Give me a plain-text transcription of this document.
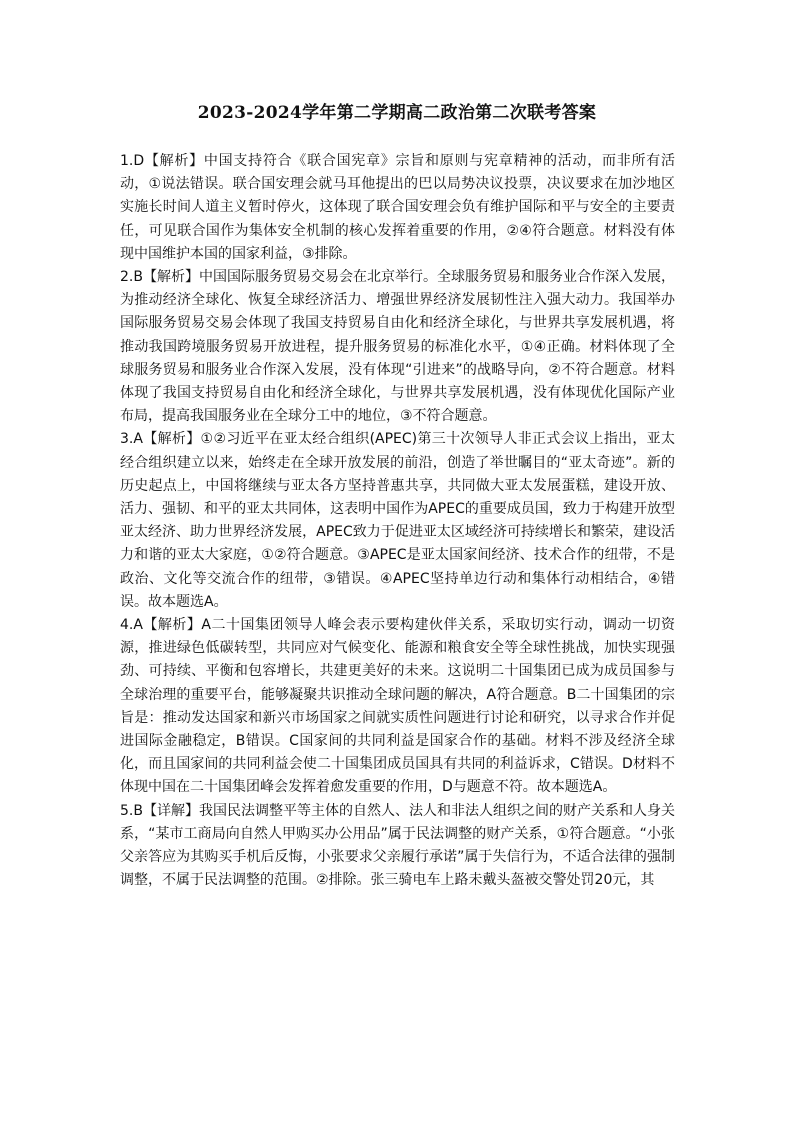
2023-2024学年第二学期高二政治第二次联考答案

1.D【解析】中国支持符合《联合国宪章》宗旨和原则与宪章精神的活动，而非所有活动，①说法错误。联合国安理会就马耳他提出的巴以局势决议投票，决议要求在加沙地区实施长时间人道主义暂时停火，这体现了联合国安理会负有维护国际和平与安全的主要责任，可见联合国作为集体安全机制的核心发挥着重要的作用，②④符合题意。材料没有体现中国维护本国的国家利益，③排除。

2.B【解析】中国国际服务贸易交易会在北京举行。全球服务贸易和服务业合作深入发展，为推动经济全球化、恢复全球经济活力、增强世界经济发展韧性注入强大动力。我国举办国际服务贸易交易会体现了我国支持贸易自由化和经济全球化，与世界共享发展机遇，将推动我国跨境服务贸易开放进程，提升服务贸易的标准化水平，①④正确。材料体现了全球服务贸易和服务业合作深入发展，没有体现“引进来”的战略导向，②不符合题意。材料体现了我国支持贸易自由化和经济全球化，与世界共享发展机遇，没有体现优化国际产业布局，提高我国服务业在全球分工中的地位，③不符合题意。

3.A【解析】①②习近平在亚太经合组织(APEC)第三十次领导人非正式会议上指出，亚太经合组织建立以来，始终走在全球开放发展的前沿，创造了举世瞩目的“亚太奇迹”。新的历史起点上，中国将继续与亚太各方坚持普惠共享，共同做大亚太发展蛋糕，建设开放、活力、强韧、和平的亚太共同体，这表明中国作为APEC的重要成员国，致力于构建开放型亚太经济、助力世界经济发展，APEC致力于促进亚太区域经济可持续增长和繁荣，建设活力和谐的亚太大家庭，①②符合题意。③APEC是亚太国家间经济、技术合作的纽带，不是政治、文化等交流合作的纽带，③错误。④APEC坚持单边行动和集体行动相结合，④错误。故本题选A。

4.A【解析】A二十国集团领导人峰会表示要构建伙伴关系，采取切实行动，调动一切资源，推进绿色低碳转型，共同应对气候变化、能源和粮食安全等全球性挑战，加快实现强劲、可持续、平衡和包容增长，共建更美好的未来。这说明二十国集团已成为成员国参与全球治理的重要平台，能够凝聚共识推动全球问题的解决，A符合题意。B二十国集团的宗旨是：推动发达国家和新兴市场国家之间就实质性问题进行讨论和研究，以寻求合作并促进国际金融稳定，B错误。C国家间的共同利益是国家合作的基础。材料不涉及经济全球化，而且国家间的共同利益会使二十国集团成员国具有共同的利益诉求，C错误。D材料不体现中国在二十国集团峰会发挥着愈发重要的作用，D与题意不符。故本题选A。

5.B【详解】我国民法调整平等主体的自然人、法人和非法人组织之间的财产关系和人身关系，“某市工商局向自然人甲购买办公用品”属于民法调整的财产关系，①符合题意。“小张父亲答应为其购买手机后反悔，小张要求父亲履行承诺”属于失信行为，不适合法律的强制调整，不属于民法调整的范围。②排除。张三骑电车上路未戴头盔被交警处罚20元，其
